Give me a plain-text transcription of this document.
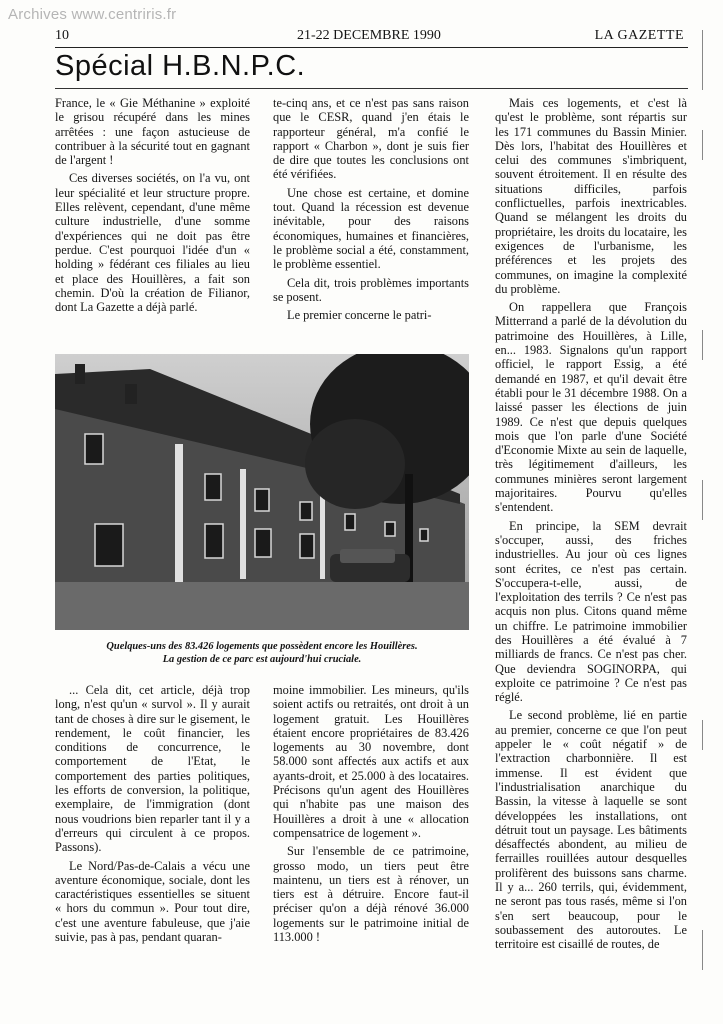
Archives www.centriris.fr
10	21-22 DECEMBRE 1990	LA GAZETTE
Spécial H.B.N.P.C.

France, le « Gie Méthanine » exploité le grisou récupéré dans les mines arrêtées : une façon astucieuse de contribuer à la sécurité tout en gagnant de l'argent !

Ces diverses sociétés, on l'a vu, ont leur spécialité et leur structure propre. Elles relèvent, cependant, d'une même culture industrielle, d'une somme d'expériences qui ne doit pas être perdue. C'est pourquoi l'idée d'un « holding » fédérant ces filiales au lieu et place des Houillères, a fait son chemin. D'où la création de Filianor, dont La Gazette a déjà parlé.

te-cinq ans, et ce n'est pas sans raison que le CESR, quand j'en étais le rapporteur général, m'a confié le rapport « Charbon », dont je suis fier de dire que toutes les conclusions ont été vérifiées.

Une chose est certaine, et domine tout. Quand la récession est devenue inévitable, pour des raisons économiques, humaines et financières, le problème social a été, constamment, le problème essentiel.

Cela dit, trois problèmes importants se posent.

Le premier concerne le patri-

Mais ces logements, et c'est là qu'est le problème, sont répartis sur les 171 communes du Bassin Minier. Dès lors, l'habitat des Houillères et celui des communes s'imbriquent, souvent étroitement. Il en résulte des situations difficiles, parfois conflictuelles, parfois inextricables. Quand se mélangent les droits du propriétaire, les droits du locataire, les exigences de l'urbanisme, les préférences et les projets des communes, on imagine la complexité du problème.

On rappellera que François Mitterrand a parlé de la dévolution du patrimoine des Houillères, à Lille, en... 1983. Signalons qu'un rapport officiel, le rapport Essig, a été demandé en 1987, et qu'il devait être établi pour le 31 décembre 1988. On a laissé passer les élections de juin 1989. Ce n'est que depuis quelques mois que l'on parle d'une Société d'Economie Mixte au sein de laquelle, très légitimement d'ailleurs, les communes minières seront largement majoritaires. Pourvu qu'elles s'entendent.

En principe, la SEM devrait s'occuper, aussi, des friches industrielles. Au jour où ces lignes sont écrites, ce n'est pas certain. S'occupera-t-elle, aussi, de l'exploitation des terrils ? Ce n'est pas acquis non plus. Citons quand même un chiffre. Le patrimoine immobilier des Houillères a été évalué à 7 milliards de francs. Ce n'est pas cher. Que deviendra SOGINORPA, qui exploite ce patrimoine ? Ce n'est pas réglé.

Le second problème, lié en partie au premier, concerne ce que l'on peut appeler le « coût négatif » de l'extraction charbonnière. Il est immense. Il est évident que l'industrialisation anarchique du Bassin, la vitesse à laquelle se sont développées les installations, ont détruit tout un paysage. Les bâtiments désaffectés abondent, au milieu de ferrailles rouillées autour desquelles prolifèrent des buissons sans charme. Il y a... 260 terrils, qui, évidemment, ne seront pas tous rasés, même si l'on s'en sert beaucoup, pour le soubassement des autoroutes. Le territoire est cisaillé de routes, de

Quelques-uns des 83.426 logements que possèdent encore les Houillères.
La gestion de ce parc est aujourd'hui cruciale.

... Cela dit, cet article, déjà trop long, n'est qu'un « survol ». Il y aurait tant de choses à dire sur le gisement, le rendement, le coût financier, les conditions de concurrence, le comportement de l'Etat, le comportement des parties politiques, les efforts de conversion, la politique, exemplaire, de l'immigration (dont nous voudrions bien reparler tant il y a d'erreurs qui circulent à ce propos. Passons).

Le Nord/Pas-de-Calais a vécu une aventure économique, sociale, dont les caractéristiques essentielles se situent « hors du commun ». Pour tout dire, c'est une aventure fabuleuse, que j'aie suivie, pas à pas, pendant quaran-

moine immobilier. Les mineurs, qu'ils soient actifs ou retraités, ont droit à un logement gratuit. Les Houillères étaient encore propriétaires de 83.426 logements au 30 novembre, dont 58.000 sont affectés aux actifs et aux ayants-droit, et 25.000 à des locataires. Précisons qu'un agent des Houillères qui n'habite pas une maison des Houillères a droit à une « allocation compensatrice de logement ».

Sur l'ensemble de ce patrimoine, grosso modo, un tiers peut être maintenu, un tiers est à rénover, un tiers est à détruire. Encore faut-il préciser qu'on a déjà rénové 36.000 logements sur le patrimoine initial de 113.000 !
